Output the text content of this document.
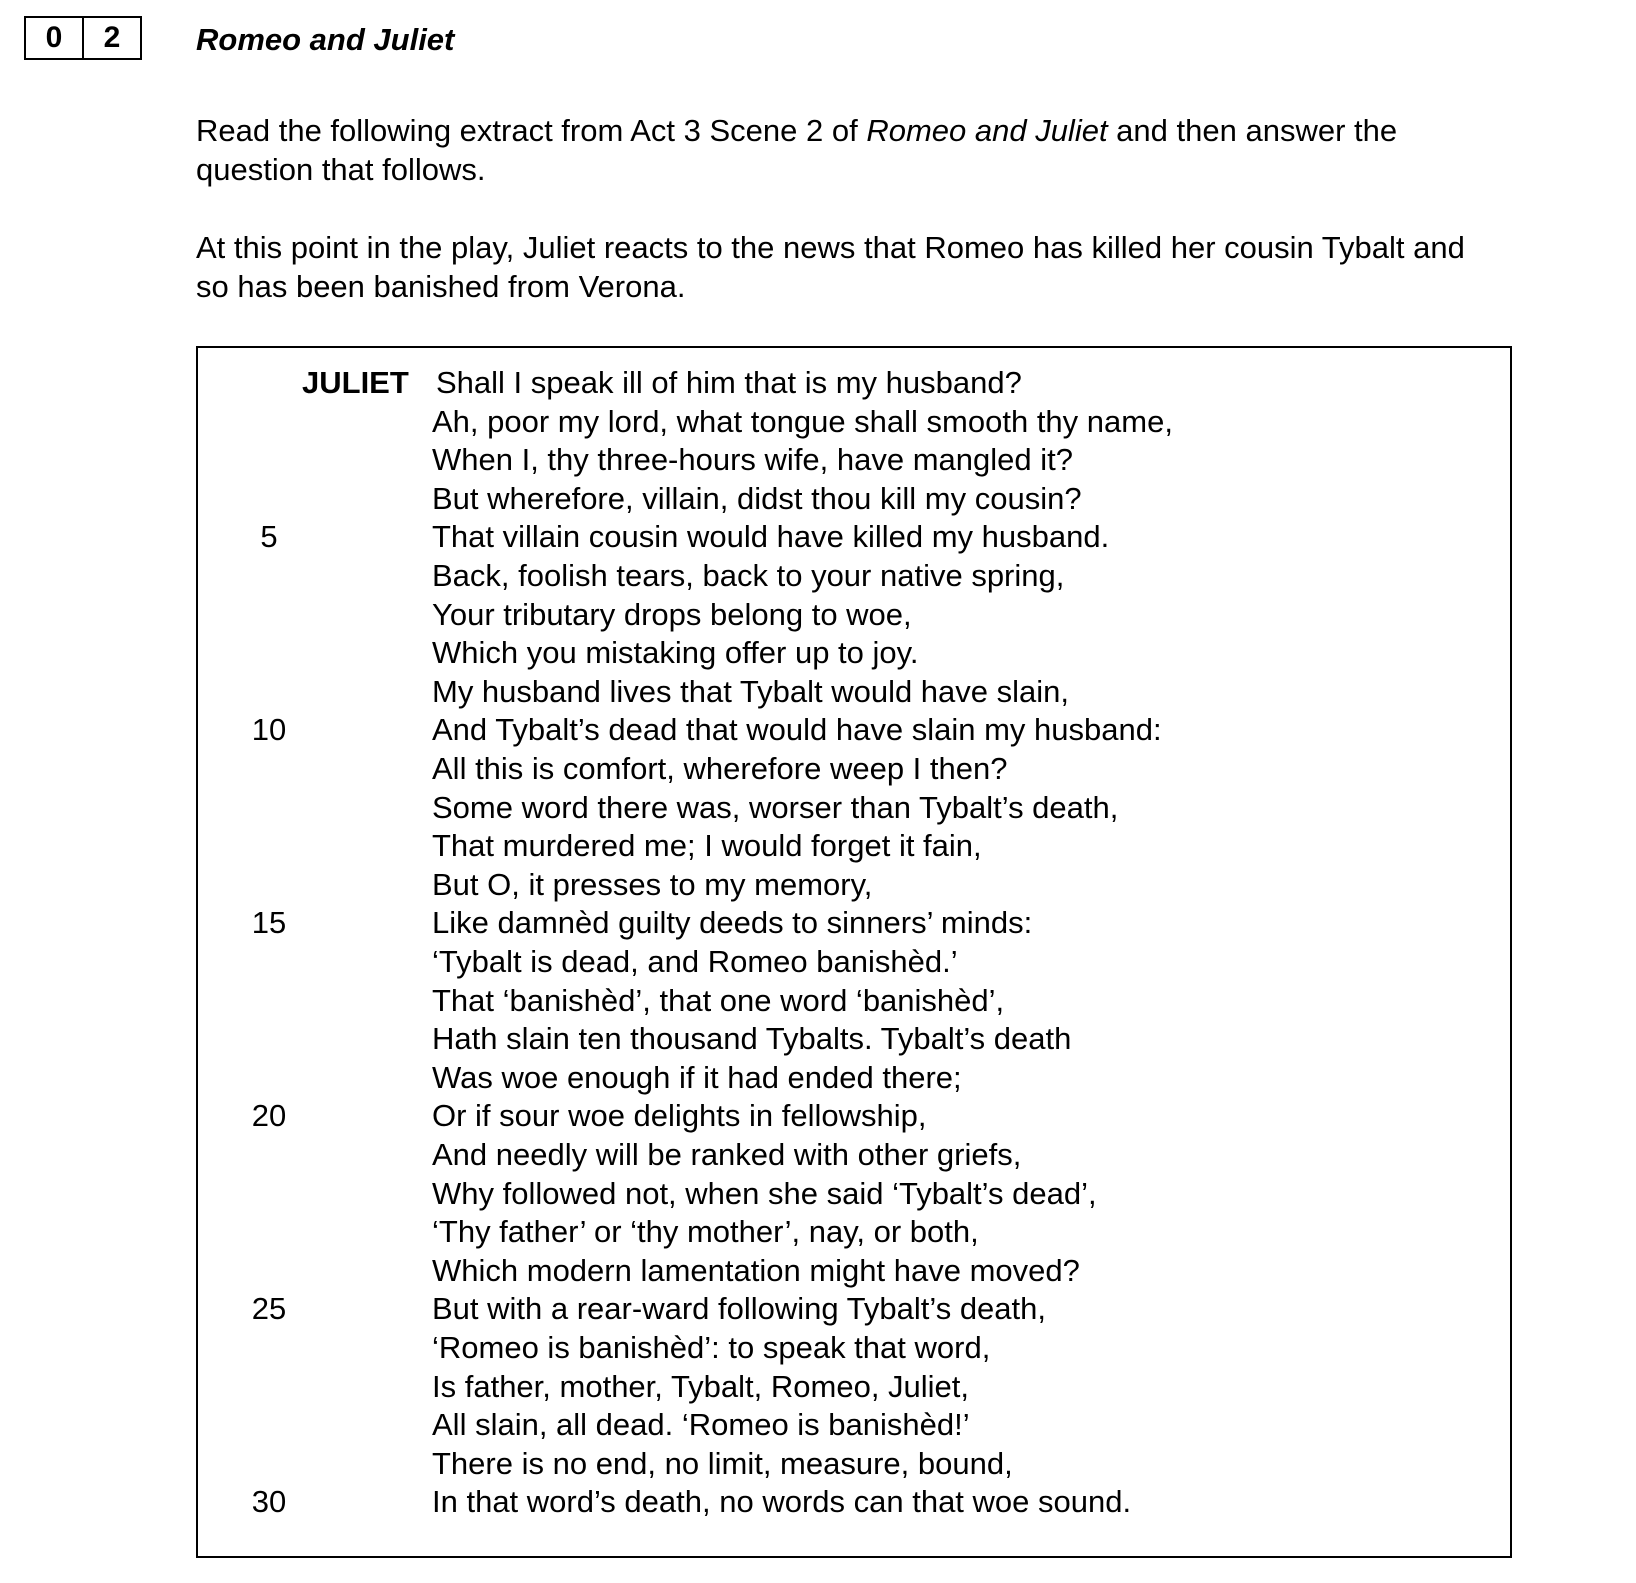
0	2	Romeo and Juliet

Read the following extract from Act 3 Scene 2 of Romeo and Juliet and then answer the question that follows.

At this point in the play, Juliet reacts to the news that Romeo has killed her cousin Tybalt and so has been banished from Verona.

JULIET Shall I speak ill of him that is my husband?
Ah, poor my lord, what tongue shall smooth thy name,
When I, thy three-hours wife, have mangled it?
But wherefore, villain, didst thou kill my cousin?
5	That villain cousin would have killed my husband.
Back, foolish tears, back to your native spring,
Your tributary drops belong to woe,
Which you mistaking offer up to joy.
My husband lives that Tybalt would have slain,
10	And Tybalt’s dead that would have slain my husband:
All this is comfort, wherefore weep I then?
Some word there was, worser than Tybalt’s death,
That murdered me; I would forget it fain,
But O, it presses to my memory,
15	Like damnèd guilty deeds to sinners’ minds:
‘Tybalt is dead, and Romeo banishèd.’
That ‘banishèd’, that one word ‘banishèd’,
Hath slain ten thousand Tybalts. Tybalt’s death
Was woe enough if it had ended there;
20	Or if sour woe delights in fellowship,
And needly will be ranked with other griefs,
Why followed not, when she said ‘Tybalt’s dead’,
‘Thy father’ or ‘thy mother’, nay, or both,
Which modern lamentation might have moved?
25	But with a rear-ward following Tybalt’s death,
‘Romeo is banishèd’: to speak that word,
Is father, mother, Tybalt, Romeo, Juliet,
All slain, all dead. ‘Romeo is banishèd!’
There is no end, no limit, measure, bound,
30	In that word’s death, no words can that woe sound.
